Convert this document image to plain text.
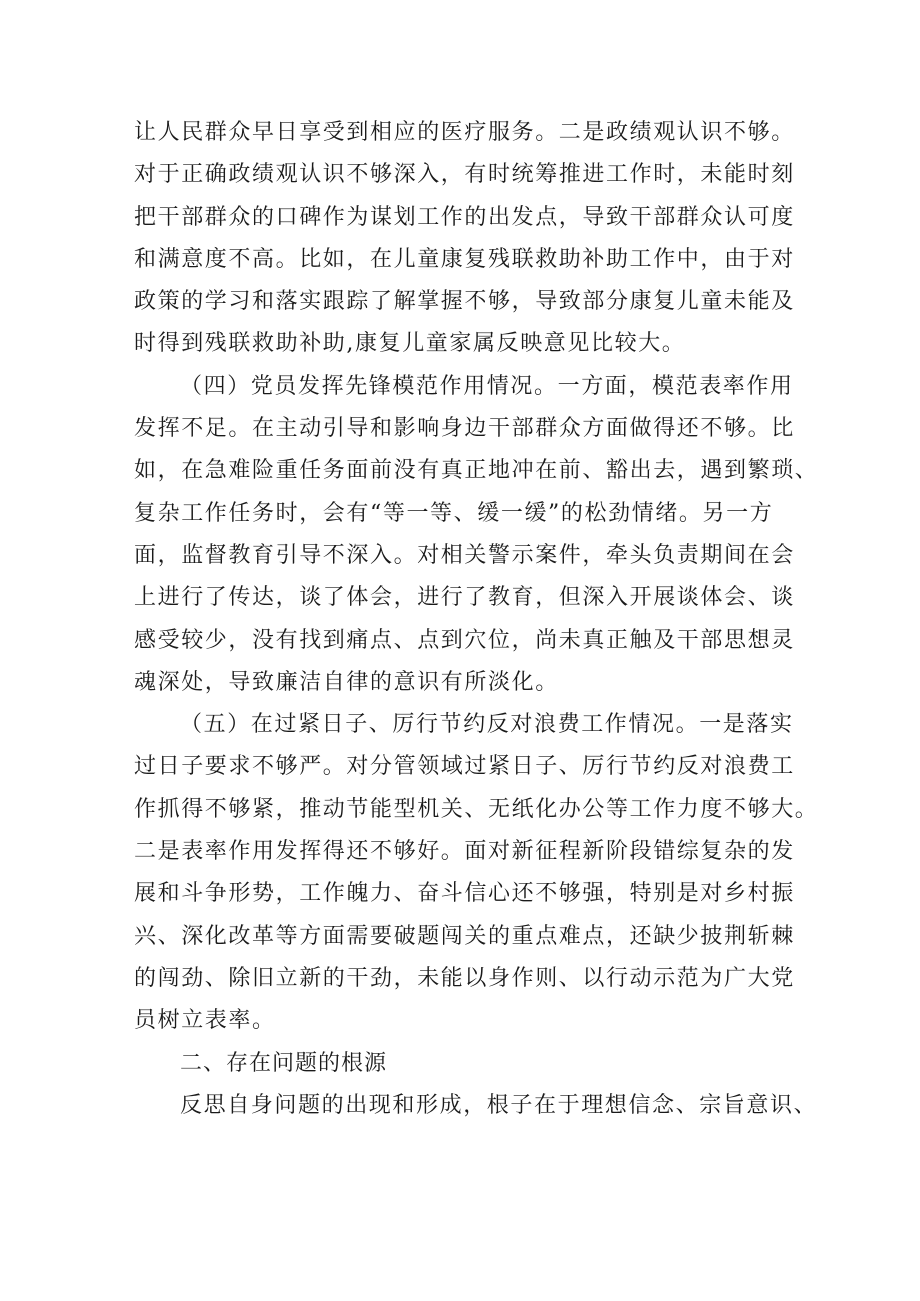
让人民群众早日享受到相应的医疗服务。二是政绩观认识不够。
对于正确政绩观认识不够深入，有时统筹推进工作时，未能时刻
把干部群众的口碑作为谋划工作的出发点，导致干部群众认可度
和满意度不高。比如，在儿童康复残联救助补助工作中，由于对
政策的学习和落实跟踪了解掌握不够，导致部分康复儿童未能及
时得到残联救助补助,康复儿童家属反映意见比较大。
（四）党员发挥先锋模范作用情况。一方面，模范表率作用
发挥不足。在主动引导和影响身边干部群众方面做得还不够。比
如，在急难险重任务面前没有真正地冲在前、豁出去，遇到繁琐、
复杂工作任务时，会有“等一等、缓一缓”的松劲情绪。另一方
面，监督教育引导不深入。对相关警示案件，牵头负责期间在会
上进行了传达，谈了体会，进行了教育，但深入开展谈体会、谈
感受较少，没有找到痛点、点到穴位，尚未真正触及干部思想灵
魂深处，导致廉洁自律的意识有所淡化。
（五）在过紧日子、厉行节约反对浪费工作情况。一是落实
过日子要求不够严。对分管领域过紧日子、厉行节约反对浪费工
作抓得不够紧，推动节能型机关、无纸化办公等工作力度不够大。
二是表率作用发挥得还不够好。面对新征程新阶段错综复杂的发
展和斗争形势，工作魄力、奋斗信心还不够强，特别是对乡村振
兴、深化改革等方面需要破题闯关的重点难点，还缺少披荆斩棘
的闯劲、除旧立新的干劲，未能以身作则、以行动示范为广大党
员树立表率。
二、存在问题的根源
反思自身问题的出现和形成，根子在于理想信念、宗旨意识、
